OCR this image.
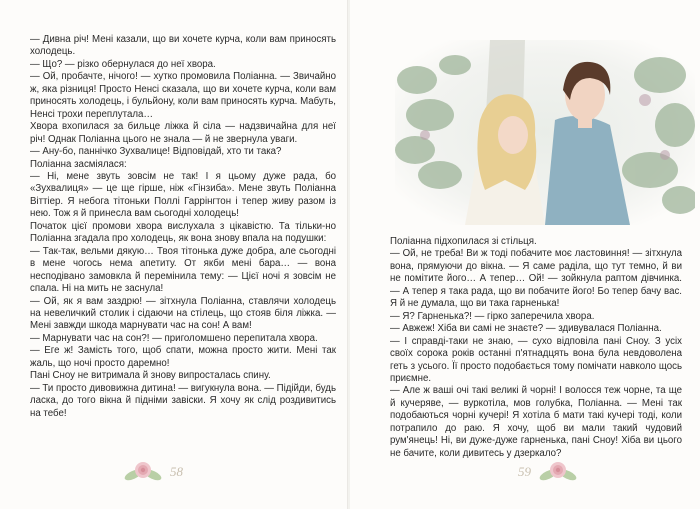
— Дивна річ! Мені казали, що ви хочете курча, коли вам приносять холодець.

— Що? — різко обернулася до неї хвора.

— Ой, пробачте, нічого! — хутко промовила Поліанна. — Звичайно ж, яка різниця! Просто Ненсі сказала, що ви хочете курча, коли вам приносять холодець, і бульйону, коли вам приносять курча. Мабуть, Ненсі трохи переплутала…

Хвора вхопилася за бильце ліжка й сіла — надзвичайна для неї річ! Однак Поліанна цього не знала — й не звернула уваги.

— Ану-бо, паннічко Зухвалице! Відповідай, хто ти така?

Поліанна засміялася:

— Ні, мене звуть зовсім не так! І я цьому дуже рада, бо «Зухвалиця» — це ще гірше, ніж «Гінзиба». Мене звуть Поліанна Віттіер. Я небога тітоньки Поллі Гаррінгтон і тепер живу разом із нею. Тож я й принесла вам сьогодні холодець!

Початок цієї промови хвора вислухала з цікавістю. Та тільки-но Поліанна згадала про холодець, як вона знову впала на подушки:

— Так-так, вельми дякую… Твоя тітонька дуже добра, але сьогодні в мене чогось нема апетиту. От якби мені бара… — вона несподівано замовкла й перемінила тему: — Цієї ночі я зовсім не спала. Ні на мить не заснула!

— Ой, як я вам заздрю! — зітхнула Поліанна, ставлячи холодець на невеличкий столик і сідаючи на стілець, що стояв біля ліжка. — Мені завжди шкода марнувати час на сон! А вам!

— Марнувати час на сон?! — приголомшено перепитала хвора.

— Еге ж! Замість того, щоб спати, можна просто жити. Мені так жаль, що ночі просто даремно!

Пані Сноу не витримала й знову випросталась спину.

— Ти просто дивовижна дитина! — вигукнула вона. — Підійди, будь ласка, до того вікна й підніми завіски. Я хочу як слід роздивитись на тебе!

58

Поліанна підхопилася зі стільця.

— Ой, не треба! Ви ж тоді побачите моє ластовиння! — зітхнула вона, прямуючи до вікна. — Я саме раділа, що тут темно, й ви не помітите його… А тепер… Ой! — зойкнула раптом дівчинка. — А тепер я така рада, що ви побачите його! Бо тепер бачу вас. Я й не думала, що ви така гарненька!

— Я? Гарненька?! — гірко заперечила хвора.

— Авжеж! Хіба ви самі не знаєте? — здивувалася Поліанна.

— І справді-таки не знаю, — сухо відповіла пані Сноу. З усіх своїх сорока років останні п'ятнадцять вона була невдоволена геть з усього. Її просто подобається тому помічати навколо щось приємне.

— Але ж ваші очі такі великі й чорні! І волосся теж чорне, та ще й кучеряве, — вуркотіла, мов голубка, Поліанна. — Мені так подобаються чорні кучері! Я хотіла б мати такі кучері тоді, коли потрапило до раю. Я хочу, щоб ви мали такий чудовий рум'янець! Ні, ви дуже-дуже гарненька, пані Сноу! Хіба ви цього не бачите, коли дивитесь у дзеркало?

59
